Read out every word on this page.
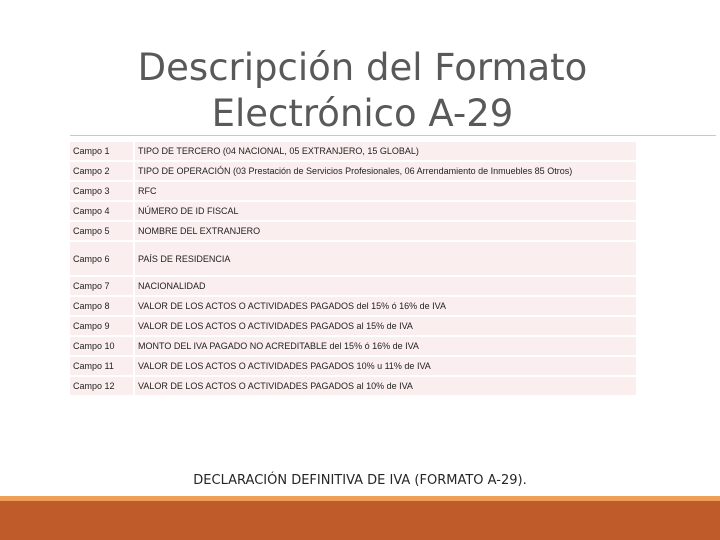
Descripción del Formato
Electrónico A-29
Campo 1	TIPO DE TERCERO (04 NACIONAL, 05 EXTRANJERO, 15 GLOBAL)
Campo 2	TIPO DE OPERACIÓN (03 Prestación de Servicios Profesionales, 06 Arrendamiento de Inmuebles 85 Otros)
Campo 3	RFC
Campo 4	NÚMERO DE ID FISCAL
Campo 5	NOMBRE DEL EXTRANJERO
Campo 6	PAÍS DE RESIDENCIA
Campo 7	NACIONALIDAD
Campo 8	VALOR DE LOS ACTOS O ACTIVIDADES PAGADOS del 15% ó 16% de IVA
Campo 9	VALOR DE LOS ACTOS O ACTIVIDADES PAGADOS al 15% de IVA
Campo 10	MONTO DEL IVA PAGADO NO ACREDITABLE del 15% ó 16% de IVA
Campo 11	VALOR DE LOS ACTOS O ACTIVIDADES PAGADOS 10% u 11% de IVA
Campo 12	VALOR DE LOS ACTOS O ACTIVIDADES PAGADOS al 10% de IVA
DECLARACIÓN DEFINITIVA DE IVA (FORMATO A-29).
